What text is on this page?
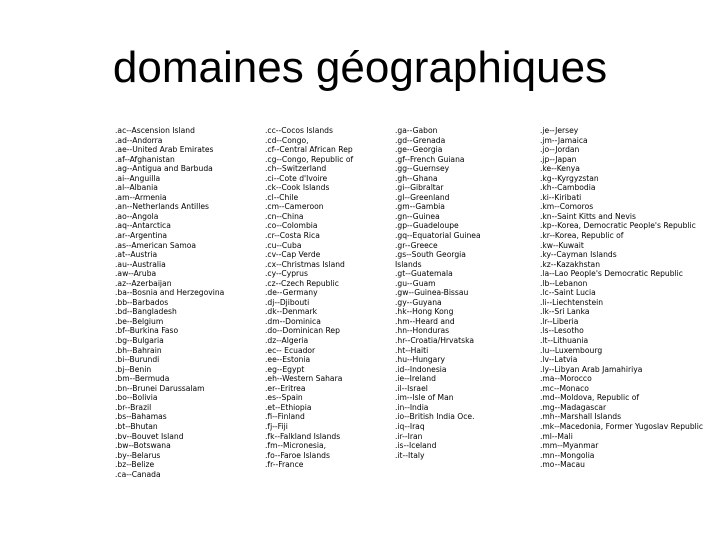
domaines géographiques
.ac--Ascension Island
.ad--Andorra
.ae--United Arab Emirates
.af--Afghanistan
.ag--Antigua and Barbuda
.ai--Anguilla
.al--Albania
.am--Armenia
.an--Netherlands Antilles
.ao--Angola
.aq--Antarctica
.ar--Argentina
.as--American Samoa
.at--Austria
.au--Australia
.aw--Aruba
.az--Azerbaijan
.ba--Bosnia and Herzegovina
.bb--Barbados
.bd--Bangladesh
.be--Belgium
.bf--Burkina Faso
.bg--Bulgaria
.bh--Bahrain
.bi--Burundi
.bj--Benin
.bm--Bermuda
.bn--Brunei Darussalam
.bo--Bolivia
.br--Brazil
.bs--Bahamas
.bt--Bhutan
.bv--Bouvet Island
.bw--Botswana
.by--Belarus
.bz--Belize
.ca--Canada
.cc--Cocos Islands
.cd--Congo,
.cf--Central African Rep
.cg--Congo, Republic of
.ch--Switzerland
.ci--Cote d'Ivoire
.ck--Cook Islands
.cl--Chile
.cm--Cameroon
.cn--China
.co--Colombia
.cr--Costa Rica
.cu--Cuba
.cv--Cap Verde
.cx--Christmas Island
.cy--Cyprus
.cz--Czech Republic
.de--Germany
.dj--Djibouti
.dk--Denmark
.dm--Dominica
.do--Dominican Rep
.dz--Algeria
.ec-- Ecuador
.ee--Estonia
.eg--Egypt
.eh--Western Sahara
.er--Eritrea
.es--Spain
.et--Ethiopia
.fi--Finland
.fj--Fiji
.fk--Falkland Islands
.fm--Micronesia,
.fo--Faroe Islands
.fr--France
.ga--Gabon
.gd--Grenada
.ge--Georgia
.gf--French Guiana
.gg--Guernsey
.gh--Ghana
.gi--Gibraltar
.gl--Greenland
.gm--Gambia
.gn--Guinea
.gp--Guadeloupe
.gq--Equatorial Guinea
.gr--Greece
.gs--South Georgia
Islands
.gt--Guatemala
.gu--Guam
.gw--Guinea-Bissau
.gy--Guyana
.hk--Hong Kong
.hm--Heard and
.hn--Honduras
.hr--Croatia/Hrvatska
.ht--Haiti
.hu--Hungary
.id--Indonesia
.ie--Ireland
.il--Israel
.im--Isle of Man
.in--India
.io--British India Oce.
.iq--Iraq
.ir--Iran
.is--Iceland
.it--Italy
.je--Jersey
.jm--Jamaica
.jo--Jordan
.jp--Japan
.ke--Kenya
.kg--Kyrgyzstan
.kh--Cambodia
.ki--Kiribati
.km--Comoros
.kn--Saint Kitts and Nevis
.kp--Korea, Democratic People's Republic
.kr--Korea, Republic of
.kw--Kuwait
.ky--Cayman Islands
.kz--Kazakhstan
.la--Lao People's Democratic Republic
.lb--Lebanon
.lc--Saint Lucia
.li--Liechtenstein
.lk--Sri Lanka
.lr--Liberia
.ls--Lesotho
.lt--Lithuania
.lu--Luxembourg
.lv--Latvia
.ly--Libyan Arab Jamahiriya
.ma--Morocco
.mc--Monaco
.md--Moldova, Republic of
.mg--Madagascar
.mh--Marshall Islands
.mk--Macedonia, Former Yugoslav Republic
.ml--Mali
.mm--Myanmar
.mn--Mongolia
.mo--Macau
